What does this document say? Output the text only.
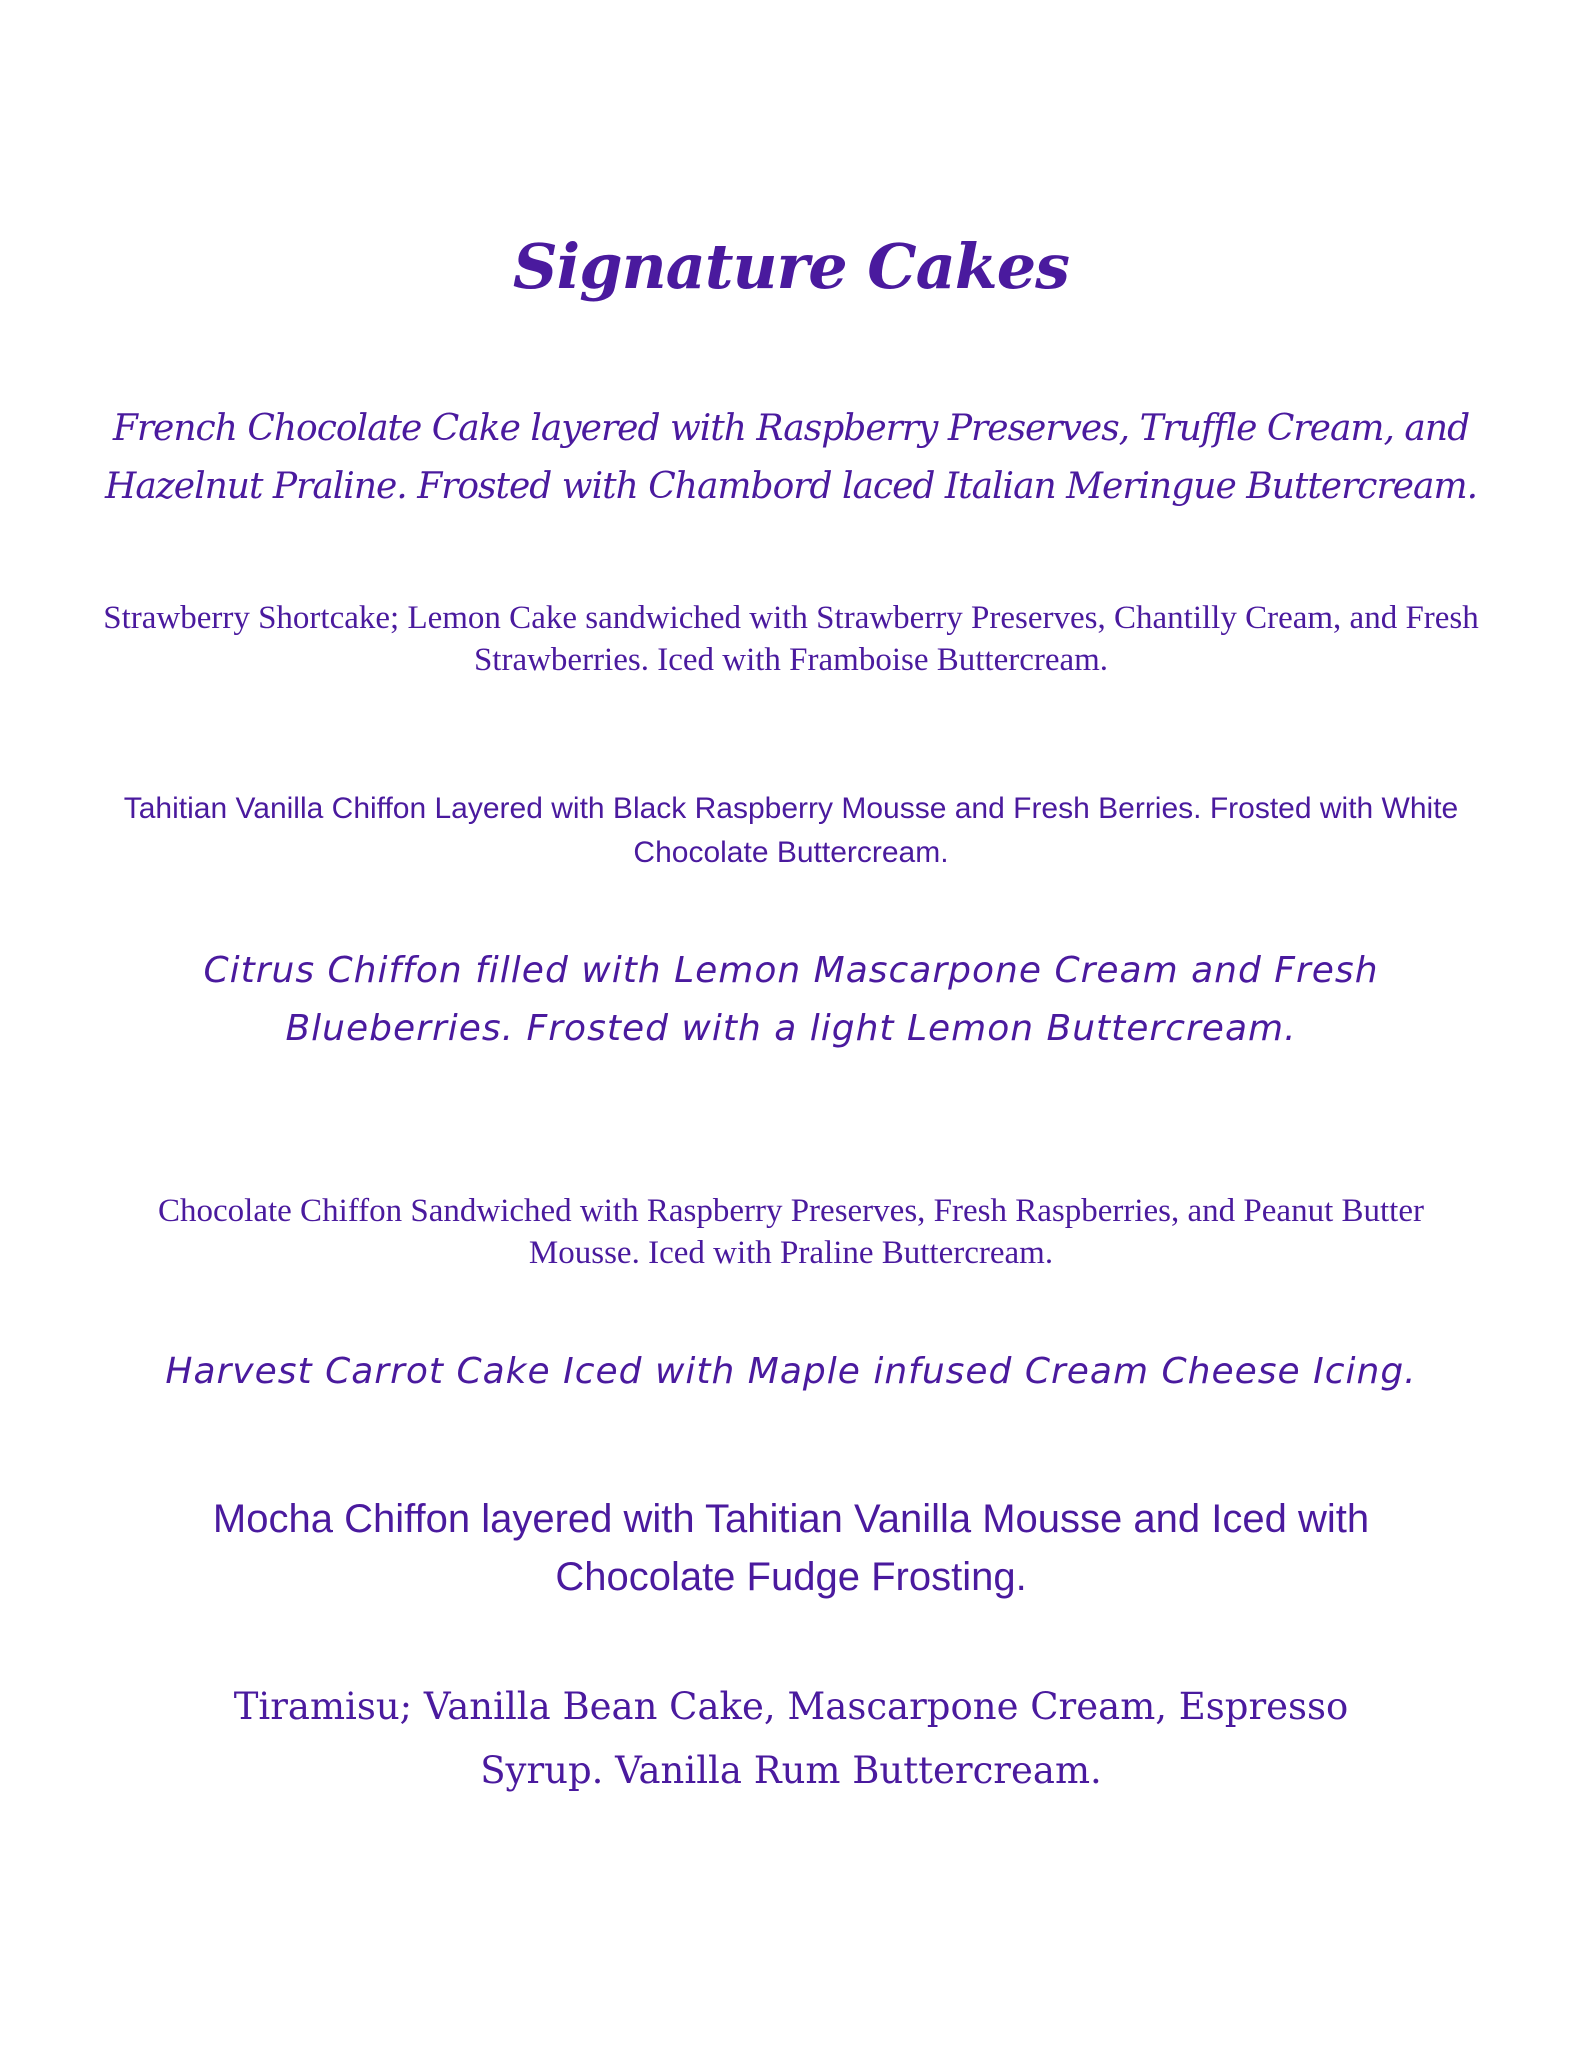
Signature Cakes

French Chocolate Cake layered with Raspberry Preserves, Truffle Cream, and Hazelnut Praline. Frosted with Chambord laced Italian Meringue Buttercream.

Strawberry Shortcake; Lemon Cake sandwiched with Strawberry Preserves, Chantilly Cream, and Fresh Strawberries. Iced with Framboise Buttercream.

Tahitian Vanilla Chiffon Layered with Black Raspberry Mousse and Fresh Berries. Frosted with White Chocolate Buttercream.

Citrus Chiffon filled with Lemon Mascarpone Cream and Fresh Blueberries. Frosted with a light Lemon Buttercream.

Chocolate Chiffon Sandwiched with Raspberry Preserves, Fresh Raspberries, and Peanut Butter Mousse. Iced with Praline Buttercream.

Harvest Carrot Cake Iced with Maple infused Cream Cheese Icing.

Mocha Chiffon layered with Tahitian Vanilla Mousse and Iced with Chocolate Fudge Frosting.

Tiramisu; Vanilla Bean Cake, Mascarpone Cream, Espresso Syrup. Vanilla Rum Buttercream.
